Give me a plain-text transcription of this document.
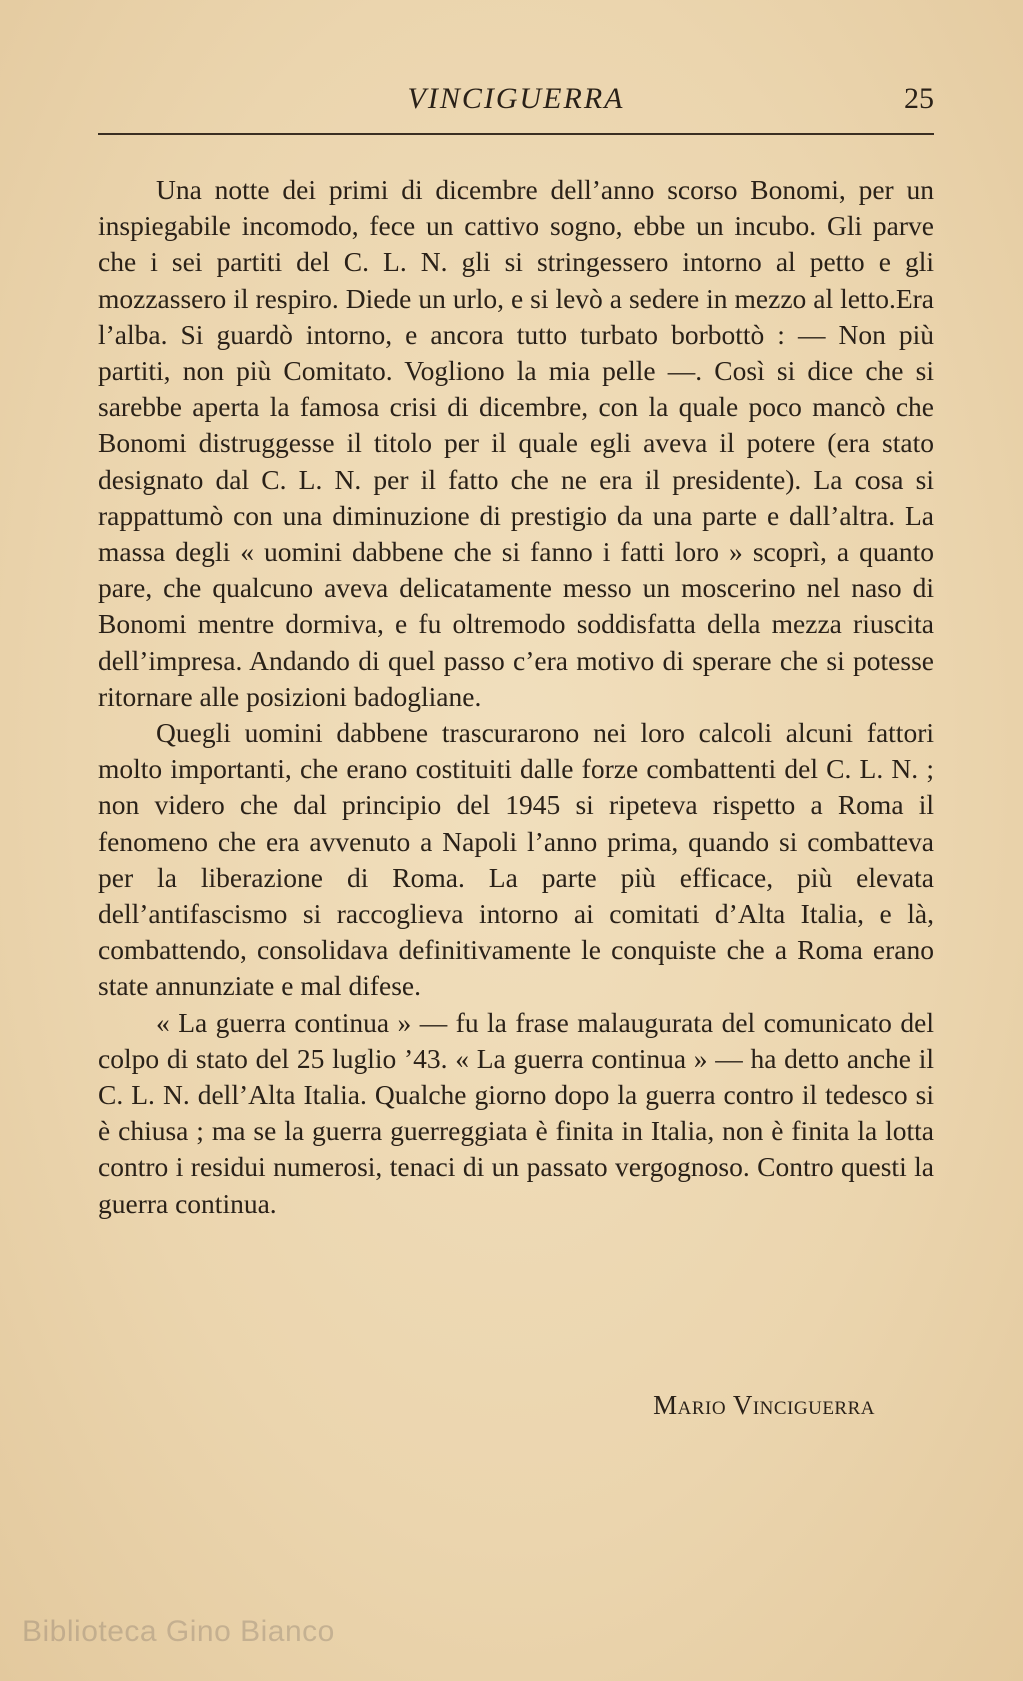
VINCIGUERRA	25

Una notte dei primi di dicembre dell’anno scorso Bonomi, per un inspiegabile incomodo, fece un cattivo sogno, ebbe un incubo. Gli parve che i sei partiti del C. L. N. gli si stringessero intorno al petto e gli mozzassero il respiro. Diede un urlo, e si levò a sedere in mezzo al letto.Era l’alba. Si guardò intorno, e ancora tutto turbato borbottò : — Non più partiti, non più Comitato. Vogliono la mia pelle —. Così si dice che si sarebbe aperta la famosa crisi di dicembre, con la quale poco mancò che Bonomi distruggesse il titolo per il quale egli aveva il potere (era stato designato dal C. L. N. per il fatto che ne era il presidente). La cosa si rappattumò con una diminuzione di prestigio da una parte e dall’altra. La massa degli « uomini dabbene che si fanno i fatti loro » scoprì, a quanto pare, che qualcuno aveva delicatamente messo un moscerino nel naso di Bonomi mentre dormiva, e fu oltremodo soddisfatta della mezza riuscita dell’impresa. Andando di quel passo c’era motivo di sperare che si potesse ritornare alle posizioni badogliane.

Quegli uomini dabbene trascurarono nei loro calcoli alcuni fattori molto importanti, che erano costituiti dalle forze combattenti del C. L. N. ; non videro che dal principio del 1945 si ripeteva rispetto a Roma il fenomeno che era avvenuto a Napoli l’anno prima, quando si combatteva per la liberazione di Roma. La parte più efficace, più elevata dell’antifascismo si raccoglieva intorno ai comitati d’Alta Italia, e là, combattendo, consolidava definitivamente le conquiste che a Roma erano state annunziate e mal difese.

« La guerra continua » — fu la frase malaugurata del comunicato del colpo di stato del 25 luglio ’43. « La guerra continua » — ha detto anche il C. L. N. dell’Alta Italia. Qualche giorno dopo la guerra contro il tedesco si è chiusa ; ma se la guerra guerreggiata è finita in Italia, non è finita la lotta contro i residui numerosi, tenaci di un passato vergognoso. Contro questi la guerra continua.

Mario Vinciguerra
Biblioteca Gino Bianco
